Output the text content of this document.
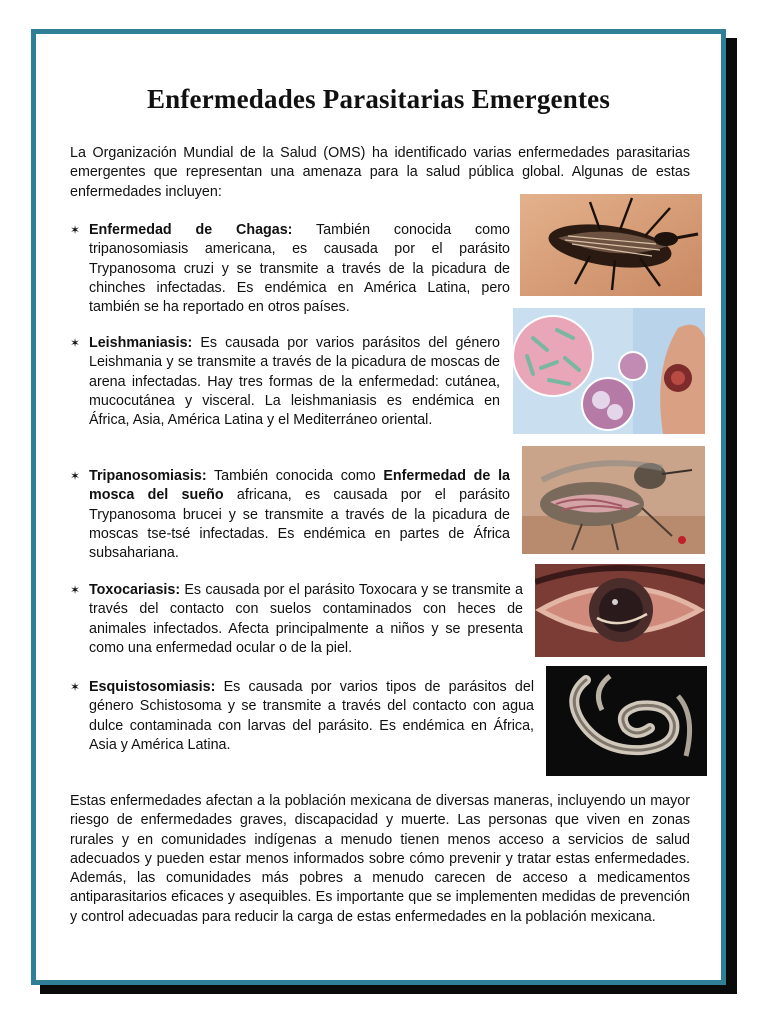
Enfermedades Parasitarias Emergentes

La Organización Mundial de la Salud (OMS) ha identificado varias enfermedades parasitarias emergentes que representan una amenaza para la salud pública global. Algunas de estas enfermedades incluyen:

✶ Enfermedad de Chagas: También conocida como tripanosomiasis americana, es causada por el parásito Trypanosoma cruzi y se transmite a través de la picadura de chinches infectadas. Es endémica en América Latina, pero también se ha reportado en otros países.
✶ Leishmaniasis: Es causada por varios parásitos del género Leishmania y se transmite a través de la picadura de moscas de arena infectadas. Hay tres formas de la enfermedad: cutánea, mucocutánea y visceral. La leishmaniasis es endémica en África, Asia, América Latina y el Mediterráneo oriental.
✶ Tripanosomiasis: También conocida como Enfermedad de la mosca del sueño africana, es causada por el parásito Trypanosoma brucei y se transmite a través de la picadura de moscas tse-tsé infectadas. Es endémica en partes de África subsahariana.
✶ Toxocariasis: Es causada por el parásito Toxocara y se transmite a través del contacto con suelos contaminados con heces de animales infectados. Afecta principalmente a niños y se presenta como una enfermedad ocular o de la piel.
✶ Esquistosomiasis: Es causada por varios tipos de parásitos del género Schistosoma y se transmite a través del contacto con agua dulce contaminada con larvas del parásito. Es endémica en África, Asia y América Latina.

Estas enfermedades afectan a la población mexicana de diversas maneras, incluyendo un mayor riesgo de enfermedades graves, discapacidad y muerte. Las personas que viven en zonas rurales y en comunidades indígenas a menudo tienen menos acceso a servicios de salud adecuados y pueden estar menos informados sobre cómo prevenir y tratar estas enfermedades. Además, las comunidades más pobres a menudo carecen de acceso a medicamentos antiparasitarios eficaces y asequibles. Es importante que se implementen medidas de prevención y control adecuadas para reducir la carga de estas enfermedades en la población mexicana.
